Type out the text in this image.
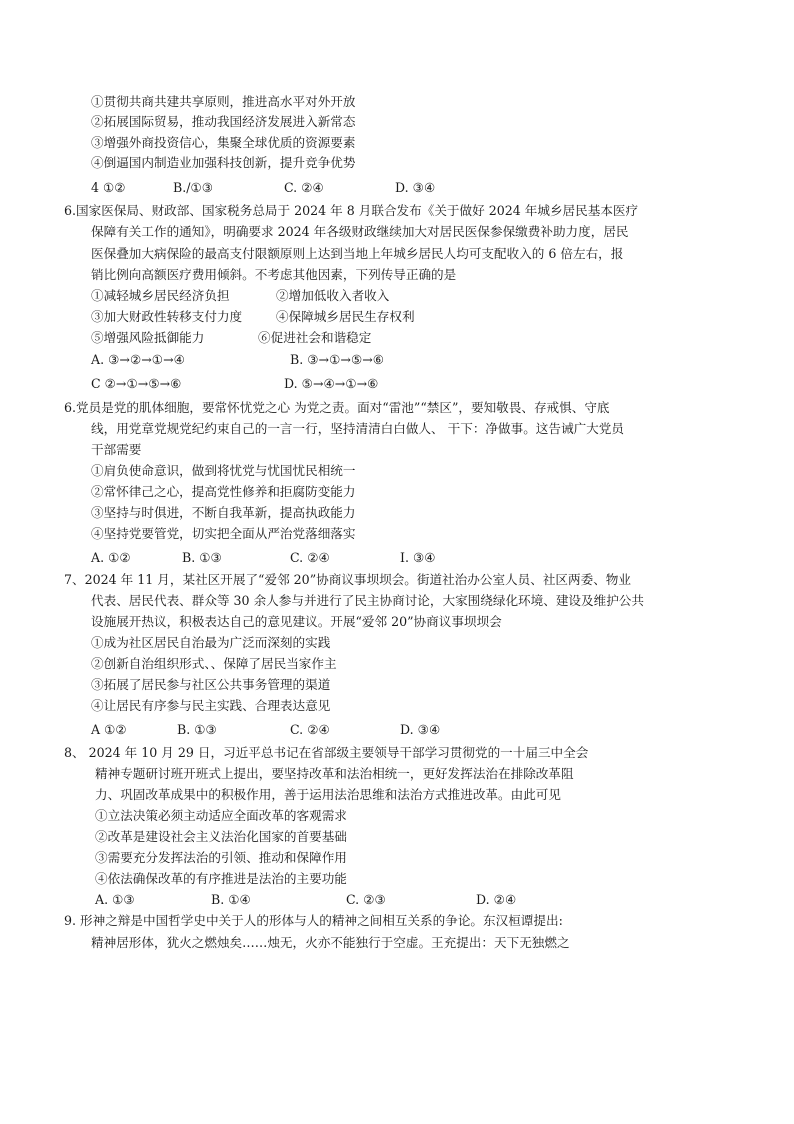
①贯彻共商共建共享原则，推进高水平对外开放
②拓展国际贸易，推动我国经济发展进入新常态
③增强外商投资信心，集聚全球优质的资源要素
④倒逼国内制造业加强科技创新，提升竞争优势
4 ①②	B./①③	C. ②④	D. ③④
6.国家医保局、财政部、国家税务总局于 2024 年 8 月联合发布《关于做好 2024 年城乡居民基本医疗
保障有关工作的通知》，明确要求 2024 年各级财政继续加大对居民医保参保缴费补助力度，居民
医保叠加大病保险的最高支付限额原则上达到当地上年城乡居民人均可支配收入的 6 倍左右，报
销比例向高额医疗费用倾斜。不考虑其他因素，下列传导正确的是
①减轻城乡居民经济负担	②增加低收入者收入
③加大财政性转移支付力度	④保障城乡居民生存权利
⑤增强风险抵御能力	⑥促进社会和谐稳定
A. ③→②→①→④	B. ③→①→⑤→⑥
C ②→①→⑤→⑥	D. ⑤→④→①→⑥
6.党员是党的肌体细胞，要常怀忧党之心 为党之责。面对“雷池”“禁区”，要知敬畏、存戒惧、守底
线，用党章党规党纪约束自己的一言一行，坚持清清白白做人、 干下：净做事。这告诫广大党员
干部需要
①肩负使命意识，做到将忧党与忧国忧民相统一
②常怀律己之心，提高党性修养和拒腐防变能力
③坚持与时俱进，不断自我革新，提高执政能力
④坚持党要管党，切实把全面从严治党落细落实
A. ①②	B. ①③	C. ②④	I. ③④
7、2024 年 11 月，某社区开展了“爱邻 20”协商议事坝坝会。街道社治办公室人员、社区两委、物业
代表、居民代表、群众等 30 余人参与并进行了民主协商讨论，大家围绕绿化环境、建设及维护公共
设施展开热议，积极表达自己的意见建议。开展“爱邻 20”协商议事坝坝会
①成为社区居民自治最为广泛而深刻的实践
②创新自治组织形式、、保障了居民当家作主
③拓展了居民参与社区公共事务管理的渠道
④让居民有序参与民主实践、合理表达意见
A ①②	B. ①③	C. ②④	D. ③④
8、 2024 年 10 月 29 日，习近平总书记在省部级主要领导干部学习贯彻党的一十届三中全会
精神专题研讨班开班式上提出，要坚持改革和法治相统一，更好发挥法治在排除改革阻
力、巩固改革成果中的积极作用，善于运用法治思维和法治方式推进改革。由此可见
①立法决策必须主动适应全面改革的客观需求
②改革是建设社会主义法治化国家的首要基础
③需要充分发挥法治的引领、推动和保障作用
④依法确保改革的有序推进是法治的主要功能
A. ①③	B. ①④	C. ②③	D. ②④
9. 形神之辩是中国哲学史中关于人的形体与人的精神之间相互关系的争论。东汉桓谭提出:
精神居形体，犹火之燃烛矣……烛无，火亦不能独行于空虚。王充提出：天下无独燃之
